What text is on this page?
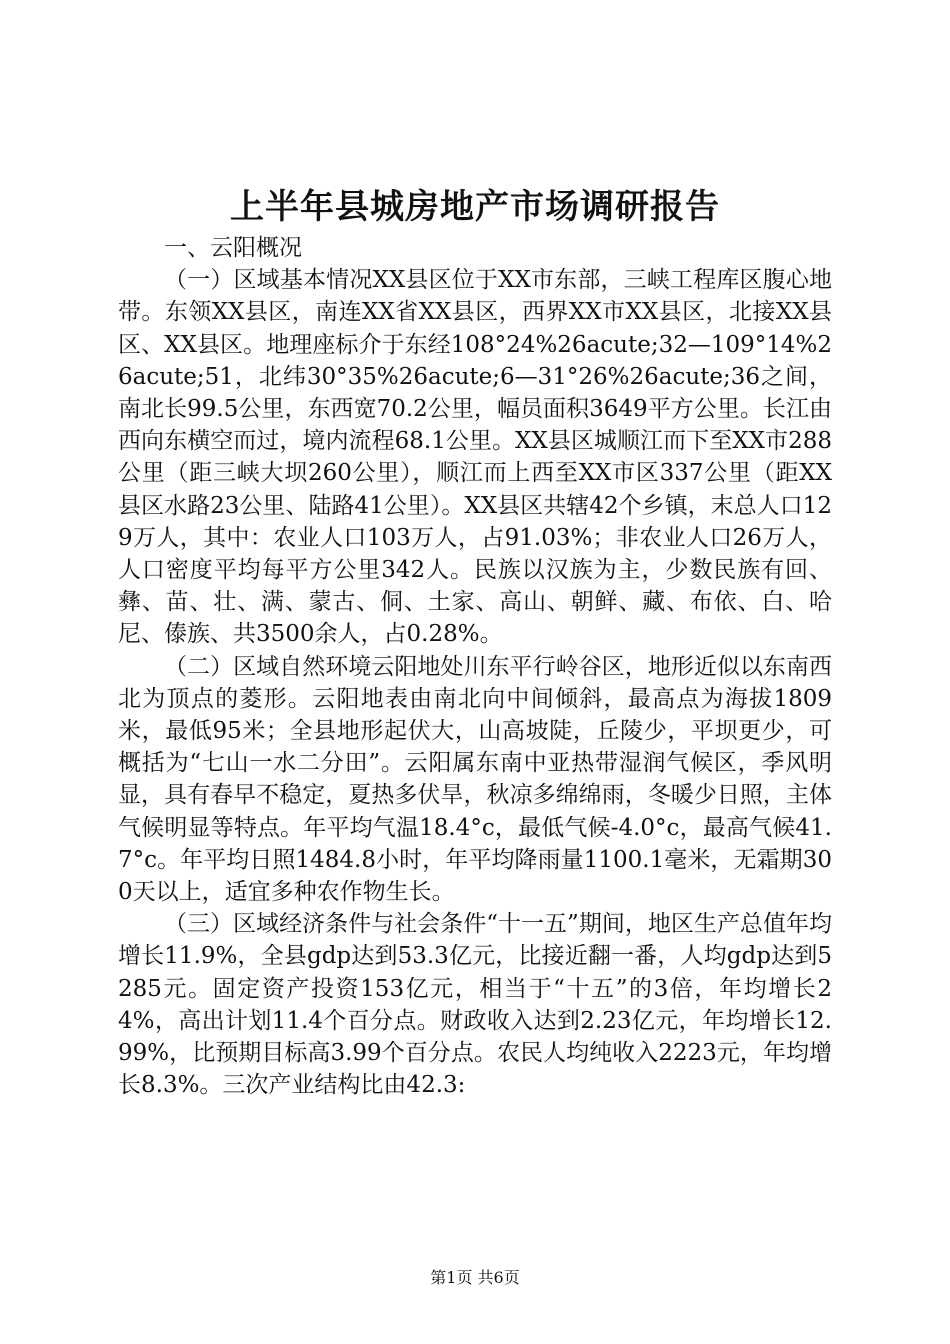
上半年县城房地产市场调研报告

一、云阳概况

（一）区域基本情况XX县区位于XX市东部，三峡工程库区腹心地带。东领XX县区，南连XX省XX县区，西界XX市XX县区，北接XX县区、XX县区。地理座标介于东经108°24%26acute;32—109°14%26acute;51，北纬30°35%26acute;6—31°26%26acute;36之间，南北长99.5公里，东西宽70.2公里，幅员面积3649平方公里。长江由西向东横空而过，境内流程68.1公里。XX县区城顺江而下至XX市288公里（距三峡大坝260公里），顺江而上西至XX市区337公里（距XX县区水路23公里、陆路41公里）。XX县区共辖42个乡镇，末总人口129万人，其中：农业人口103万人，占91.03%；非农业人口26万人，人口密度平均每平方公里342人。民族以汉族为主，少数民族有回、彝、苗、壮、满、蒙古、侗、土家、高山、朝鲜、藏、布依、白、哈尼、傣族、共3500余人，占0.28%。

（二）区域自然环境云阳地处川东平行岭谷区，地形近似以东南西北为顶点的菱形。云阳地表由南北向中间倾斜，最高点为海拔1809米，最低95米；全县地形起伏大，山高坡陡，丘陵少，平坝更少，可概括为“七山一水二分田”。云阳属东南中亚热带湿润气候区，季风明显，具有春早不稳定，夏热多伏旱，秋凉多绵绵雨，冬暖少日照，主体气候明显等特点。年平均气温18.4°c，最低气候-4.0°c，最高气候41.7°c。年平均日照1484.8小时，年平均降雨量1100.1毫米，无霜期300天以上，适宜多种农作物生长。

（三）区域经济条件与社会条件“十一五”期间，地区生产总值年均增长11.9%，全县gdp达到53.3亿元，比接近翻一番，人均gdp达到5285元。固定资产投资153亿元，相当于“十五”的3倍，年均增长24%，高出计划11.4个百分点。财政收入达到2.23亿元，年均增长12.99%，比预期目标高3.99个百分点。农民人均纯收入2223元，年均增长8.3%。三次产业结构比由42.3:

第1页 共6页
